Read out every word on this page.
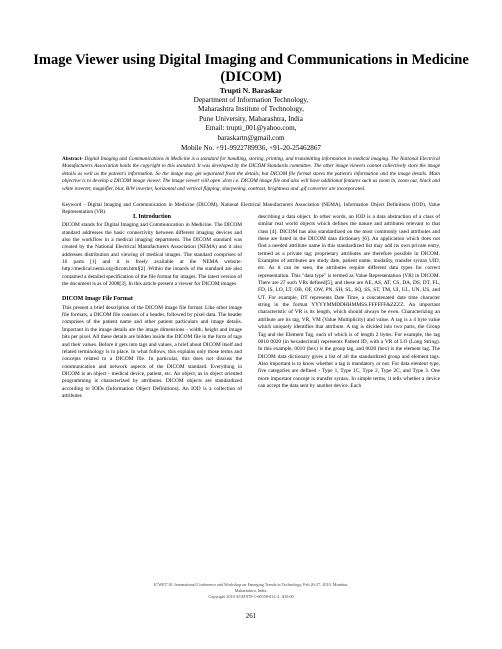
Image Viewer using Digital Imaging and Communications in Medicine (DICOM)
Trupti N. Baraskar
Department of Information Technology,
Maharashtra Institute of Technology,
Pune University, Maharashtra, India
Email: trupti_001@yahoo.com,
baraskartn@gmail.com
Mobile No. +91-9922789936, +91-20-25462867
Abstract- Digital Imaging and Communications in Medicine is a standard for handling, storing, printing, and transmitting information in medical imaging. The National Electrical Manufacturers Association holds the copyright to this standard. It was developed by the DICOM Standards committee. The other image viewers cannot collectively store the image details as well as the patient's information. So the image may get separated from the details, but DICOM file format stores the patient's information and the image details. Main objective is to develop a DICOM image viewer. The image viewer will open .dcm i.e. DICOM image file and also will have additional features such as zoom in, zoom out, black and white inverter, magnifier, blur, B/W inverter, horizontal and vertical flipping, sharpening, contrast, brightness and .gif converter are incorporated.
Keyword - Digital Imaging and Communication in Medicine (DICOM), National Electrical Manufacturers Association (NEMA), Information Object Definitions (IOD), Value Representation (VR).
I. Introduction

DICOM stands for Digital Imaging and Communication in Medicine. The DICOM standard addresses the basic connectivity between different imaging devices and also the workflow in a medical imaging department. The DICOM standard was created by the National Electrical Manufacturers Association (NEMA) and it also addresses distribution and viewing of medical images. The standard comprises of 16 parts [1] and it is freely available at the NEMA website: http://medical.nema.org/dicom.html[2] .Within the innards of the standard are also contained a detailed specification of the file format for images. The latest version of the document is as of 2008[3]. In this article present a viewer for DICOM images

DICOM Image File Format

This present a brief description of the DICOM image file format. Like other image file formats, a DICOM file consists of a header, followed by pixel data. The header comprises of the patient name and other patient particulars and image details. Important in the image details are the image dimensions - width, height and image bits per pixel. All these details are hidden inside the DICOM file in the form of tags and their values. Before it gets into tags and values, a brief about DICOM itself and related terminology is in place. In what follows, this explains only those terms and concepts related to a DICOM file. In particular, this does not discuss the communication and network aspects of the DICOM standard. Everything in DICOM is an object - medical device, patient, etc. An object, as in object oriented programming is characterized by attributes. DICOM objects are standardized according to IODs (Information Object Definitions). An IOD is a collection of attributes

describing a data object. In other words, an IOD is a data abstraction of a class of similar real world objects which defines the nature and attributes relevant to that class [4]. DICOM has also standardized on the most commonly used attributes and these are listed in the DICOM data dictionary [6]. An application which does not find a needed attribute name in this standardized list may add its own private entry, termed as a private tag; proprietary attributes are therefore possible in DICOM. Examples of attributes are study date, patient name, modality, transfer syntax UID, etc. As it can be seen, the attributes require different data types for correct representation. This "data type" is termed as Value Representation (VR) in DICOM. There are 27 such VRs defined[5], and these are AE, AS, AT, CS, DA, DS, DT, FL, FD, IS, LO, LT, OB, OF, OW, PN, SH, SL, SQ, SS, ST, TM, UI, UL, UN, US, and UT. For example, DT represents Date Time, a concatenated date time character string in the format YYYYMMDDHHMMSS.FFFFFF&ZZZZ. An important characteristic of VR is its length, which should always be even. Characterizing an attribute are its tag, VR, VM (Value Multiplicity) and value. A tag is a 4 byte value which uniquely identifies that attribute. A tag is divided into two parts, the Group Tag and the Element Tag, each of which is of length 2 bytes. For example, the tag 0010 0020 (in hexadecimal) represents Patient ID, with a VR of LO (Long String). In this example, 0010 (hex) is the group tag, and 0020 (hex) is the element tag. The DICOM data dictionary gives a list of all the standardized group and element tags. Also important is to know whether a tag is mandatory or not. For data element type, five categories are defined - Type 1, Type 1C, Type 2, Type 2C, and Type 3. One more important concept is transfer syntax. In simple terms, it tells whether a device can accept the data sent by another device. Each

ICWET'10, International Conference and Workshop on Emerging Trends in Technology, Feb 26-27, 2010, Mumbai, Maharashtra, India.
Copyright 2010 ACM 978-1-60558-812-4...$10.00
261
